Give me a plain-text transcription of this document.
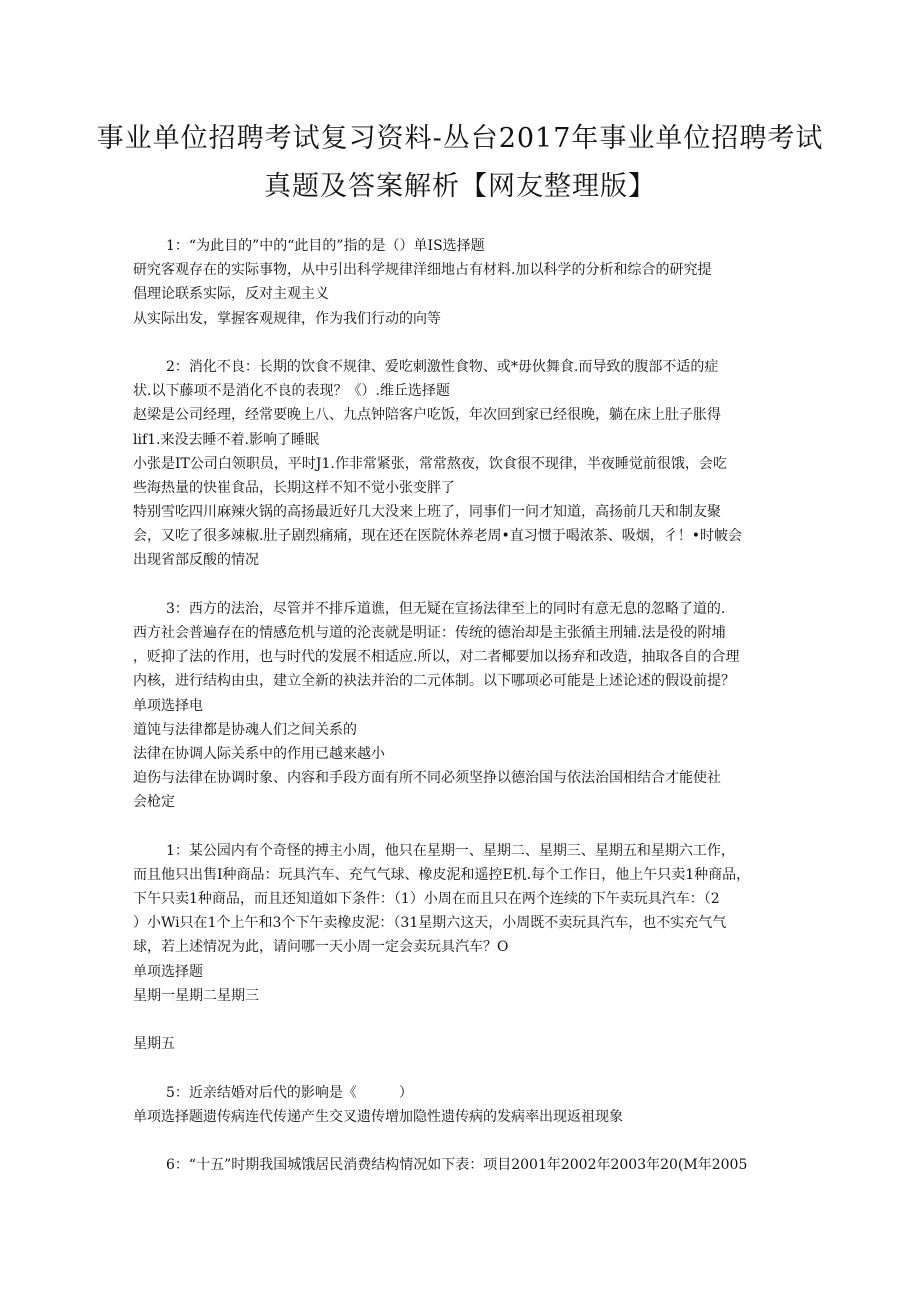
事业单位招聘考试复习资料-丛台2017年事业单位招聘考试
真题及答案解析【网友整理版】
1：“为此目的”中的“此目的”指的是（）单IS选择题
研究客观存在的实际事物，从中引出科学规律洋细地占有材料.加以科学的分析和综合的研究提
倡理论联系实际，反对主观主义
从实际出发，掌握客观规律，作为我们行动的向等
2：消化不良：长期的饮食不规律、爱吃刺激性食物、或*毋伙舞食.而导致的腹部不适的症
状.以下藤项不是消化不良的表现？《）.维丘选择题
赵梁是公司经理，经常要晚上八、九点钟陪客户吃饭，年次回到家已经很晚，躺在床上肚子胀得
lif1.来没去睡不着.影响了睡眠
小张是IT公司白领职员，平时J1.作非常紧张，常常熬夜，饮食很不现律，半夜睡觉前很饿，会吃
些海热量的快崔食品，长期这样不知不觉小张变胖了
特别雪吃四川麻辣火锅的高扬最近好几大没来上班了，同事们一问才知道，高扬前几天和制友聚
会，又吃了很多竦椒.肚子剧烈痛痛，现在还在医院休养老周•直习惯于喝浓茶、吸烟，彳！•时帔会
出现省部反酸的情况
3：西方的法治，尽管并不排斥道谯，但无疑在宣扬法律至上的同时有意无息的忽略了道的.
西方社会普遍存在的情感危机与道的沦丧就是明证：传统的德治却是主张循主刑辅.法是役的附埔
，贬抑了法的作用，也与时代的发展不相适应.所以，对二者椰要加以扬弃和改造，抽取各自的合理
内核，进行结构由虫，建立全新的袂法并治的二元体制。以下哪项必可能是上述论述的假设前提？
单项选择电
道饨与法律都是协魂人们之间关系的
法律在协调人际关系中的作用已越来越小
迫伤与法律在协调时象、内容和手段方面有所不同必须坚挣以德治国与依法治国相结合才能使社
会枪定
1：某公园内有个奇怪的搏主小周，他只在星期一、星期二、星期三、星期五和星期六工作，
而且他只出售I种商品：玩具汽车、充气气球、橡皮泥和遥控E机.每个工作日，他上午只卖1种商品，
下午只卖1种商品，而且还知道如下条件：（1）小周在而且只在两个连续的下午卖玩具汽车：（2
）小Wi只在1个上午和3个下午卖橡皮泥：（31星期六这天，小周既不卖玩具汽车，也不实充气气
球，若上述情况为此，请问哪一天小周一定会卖玩具汽车？O
单项选择题
星期一星期二星期三
星期五
5：近亲结婚对后代的影响是《　　　）
单项选择题遗传病连代传递产生交叉遗传增加隐性遗传病的发病率出现返祖现象
6：“十五”时期我国城饿居民消费结构情况如下表：项目2001年2002年2003年20(M年2005
